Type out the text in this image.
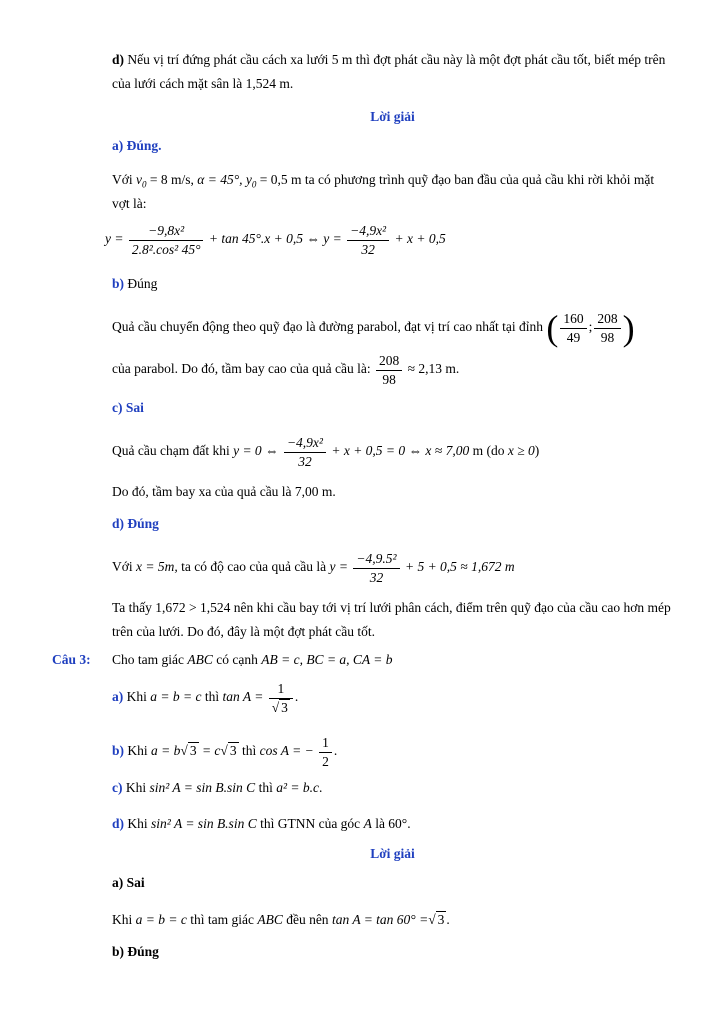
d) Nếu vị trí đứng phát cầu cách xa lưới 5 m thì đợt phát cầu này là một đợt phát cầu tốt, biết mép trên của lưới cách mặt sân là 1,524 m.
Lời giải
a) Đúng.
Với $v_0 = 8$ m/s, α = 45°, $y_0 = 0,5$ m ta có phương trình quỹ đạo ban đầu của quả cầu khi rời khỏi mặt vợt là:
$y = \frac{\text{−9,8x²}}{\text{2.8².cos² 45°}} + \tan 45^\circ.x + 0,5$ ⇔ $y = \frac{\text{−4,9x²}}{32} + x + 0,5$
b) Đúng
Quả cầu chuyển động theo quỹ đạo là đường parabol, đạt vị trí cao nhất tại đỉnh ( $\frac{160}{49}$ ; $\frac{208}{98}$ )
của parabol. Do đó, tầm bay cao của quả cầu là: $\frac{208}{98} \approx 2,13$ m.
c) Sai
Quả cầu chạm đất khi y = 0 ⇔ $\frac{\text{−4,9x²}}{32} + x + 0,5 = 0$ ⇔ x ≈ 7,00 m (do x ≥ 0)
Do đó, tầm bay xa của quả cầu là 7,00 m.
d) Đúng
Với x = 5m, ta có độ cao của quả cầu là $y = \frac{\text{−4,9.5²}}{32} + 5 + 0,5 \approx 1,672$ m
Ta thấy 1,672 > 1,524 nên khi cầu bay tới vị trí lưới phân cách, điểm trên quỹ đạo của cầu cao hơn mép trên của lưới. Do đó, đây là một đợt phát cầu tốt.
Câu 3: Cho tam giác ABC có cạnh AB = c, BC = a, CA = b
a) Khi a = b = c thì $\tan A = \frac{1}{√ 3}$ .
b) Khi a = b√ 3 = c√ 3 thì cos A = − $\frac{1}{2}$ .
c) Khi sin² A = sin B.sin C thì a² = b.c.
d) Khi sin² A = sin B.sin C thì GTNN của góc A là 60°.
Lời giải
a) Sai
Khi a = b = c thì tam giác ABC đều nên tan A = tan 60° =√ 3 .
b) Đúng
